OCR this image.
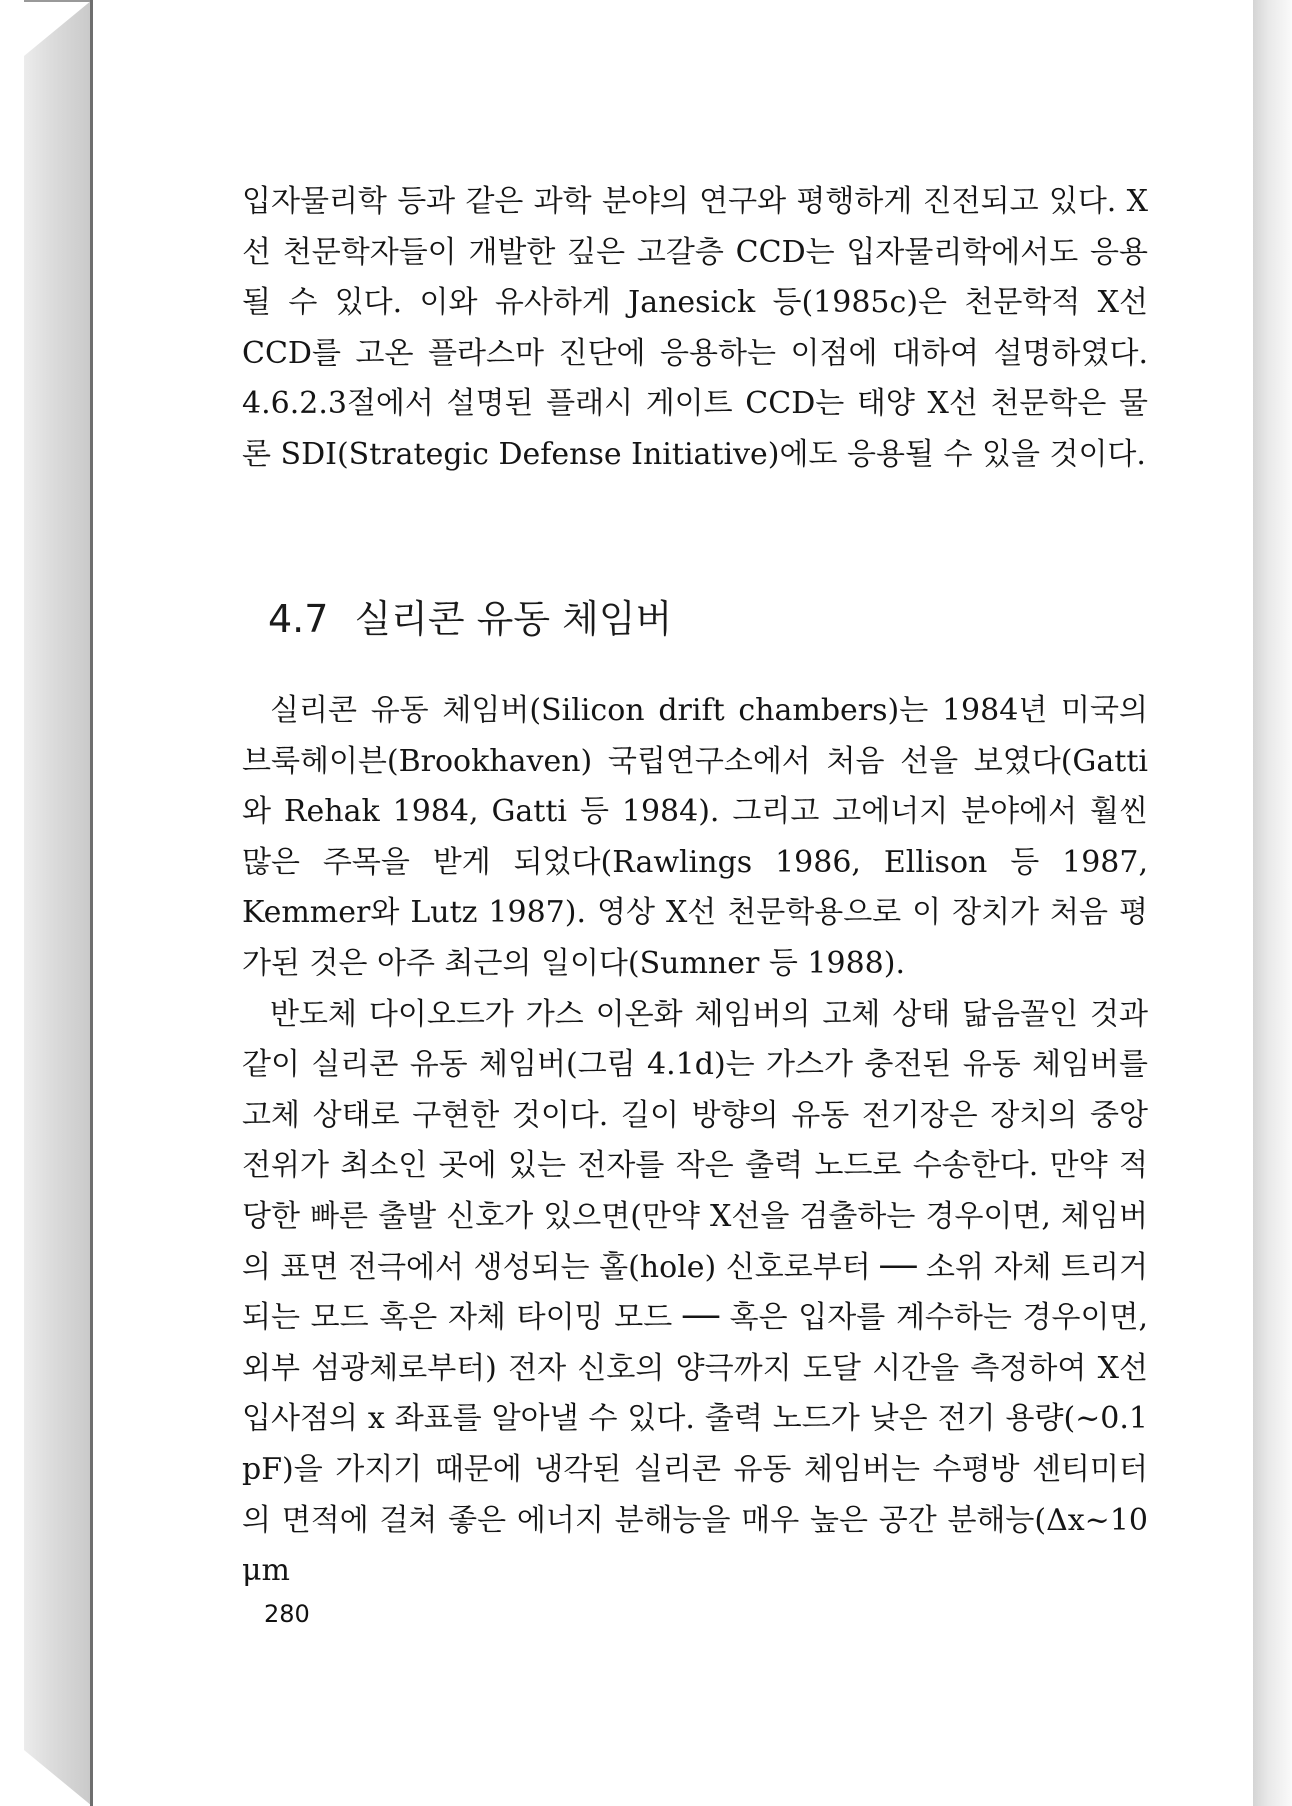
입자물리학 등과 같은 과학 분야의 연구와 평행하게 진전되고 있다. X선 천문학자들이 개발한 깊은 고갈층 CCD는 입자물리학에서도 응용될 수 있다. 이와 유사하게 Janesick 등(1985c)은 천문학적 X선 CCD를 고온 플라스마 진단에 응용하는 이점에 대하여 설명하였다. 4.6.2.3절에서 설명된 플래시 게이트 CCD는 태양 X선 천문학은 물론 SDI(Strategic Defense Initiative)에도 응용될 수 있을 것이다.

4.7 실리콘 유동 체임버

실리콘 유동 체임버(Silicon drift chambers)는 1984년 미국의 브룩헤이븐(Brookhaven) 국립연구소에서 처음 선을 보였다(Gatti와 Rehak 1984, Gatti 등 1984). 그리고 고에너지 분야에서 훨씬 많은 주목을 받게 되었다(Rawlings 1986, Ellison 등 1987, Kemmer와 Lutz 1987). 영상 X선 천문학용으로 이 장치가 처음 평가된 것은 아주 최근의 일이다(Sumner 등 1988).

반도체 다이오드가 가스 이온화 체임버의 고체 상태 닮음꼴인 것과 같이 실리콘 유동 체임버(그림 4.1d)는 가스가 충전된 유동 체임버를 고체 상태로 구현한 것이다. 길이 방향의 유동 전기장은 장치의 중앙 전위가 최소인 곳에 있는 전자를 작은 출력 노드로 수송한다. 만약 적당한 빠른 출발 신호가 있으면(만약 X선을 검출하는 경우이면, 체임버의 표면 전극에서 생성되는 홀(hole) 신호로부터 ── 소위 자체 트리거되는 모드 혹은 자체 타이밍 모드 ── 혹은 입자를 계수하는 경우이면, 외부 섬광체로부터) 전자 신호의 양극까지 도달 시간을 측정하여 X선 입사점의 x 좌표를 알아낼 수 있다. 출력 노드가 낮은 전기 용량(~0.1 pF)을 가지기 때문에 냉각된 실리콘 유동 체임버는 수평방 센티미터의 면적에 걸쳐 좋은 에너지 분해능을 매우 높은 공간 분해능(Δx~10 μm

280
